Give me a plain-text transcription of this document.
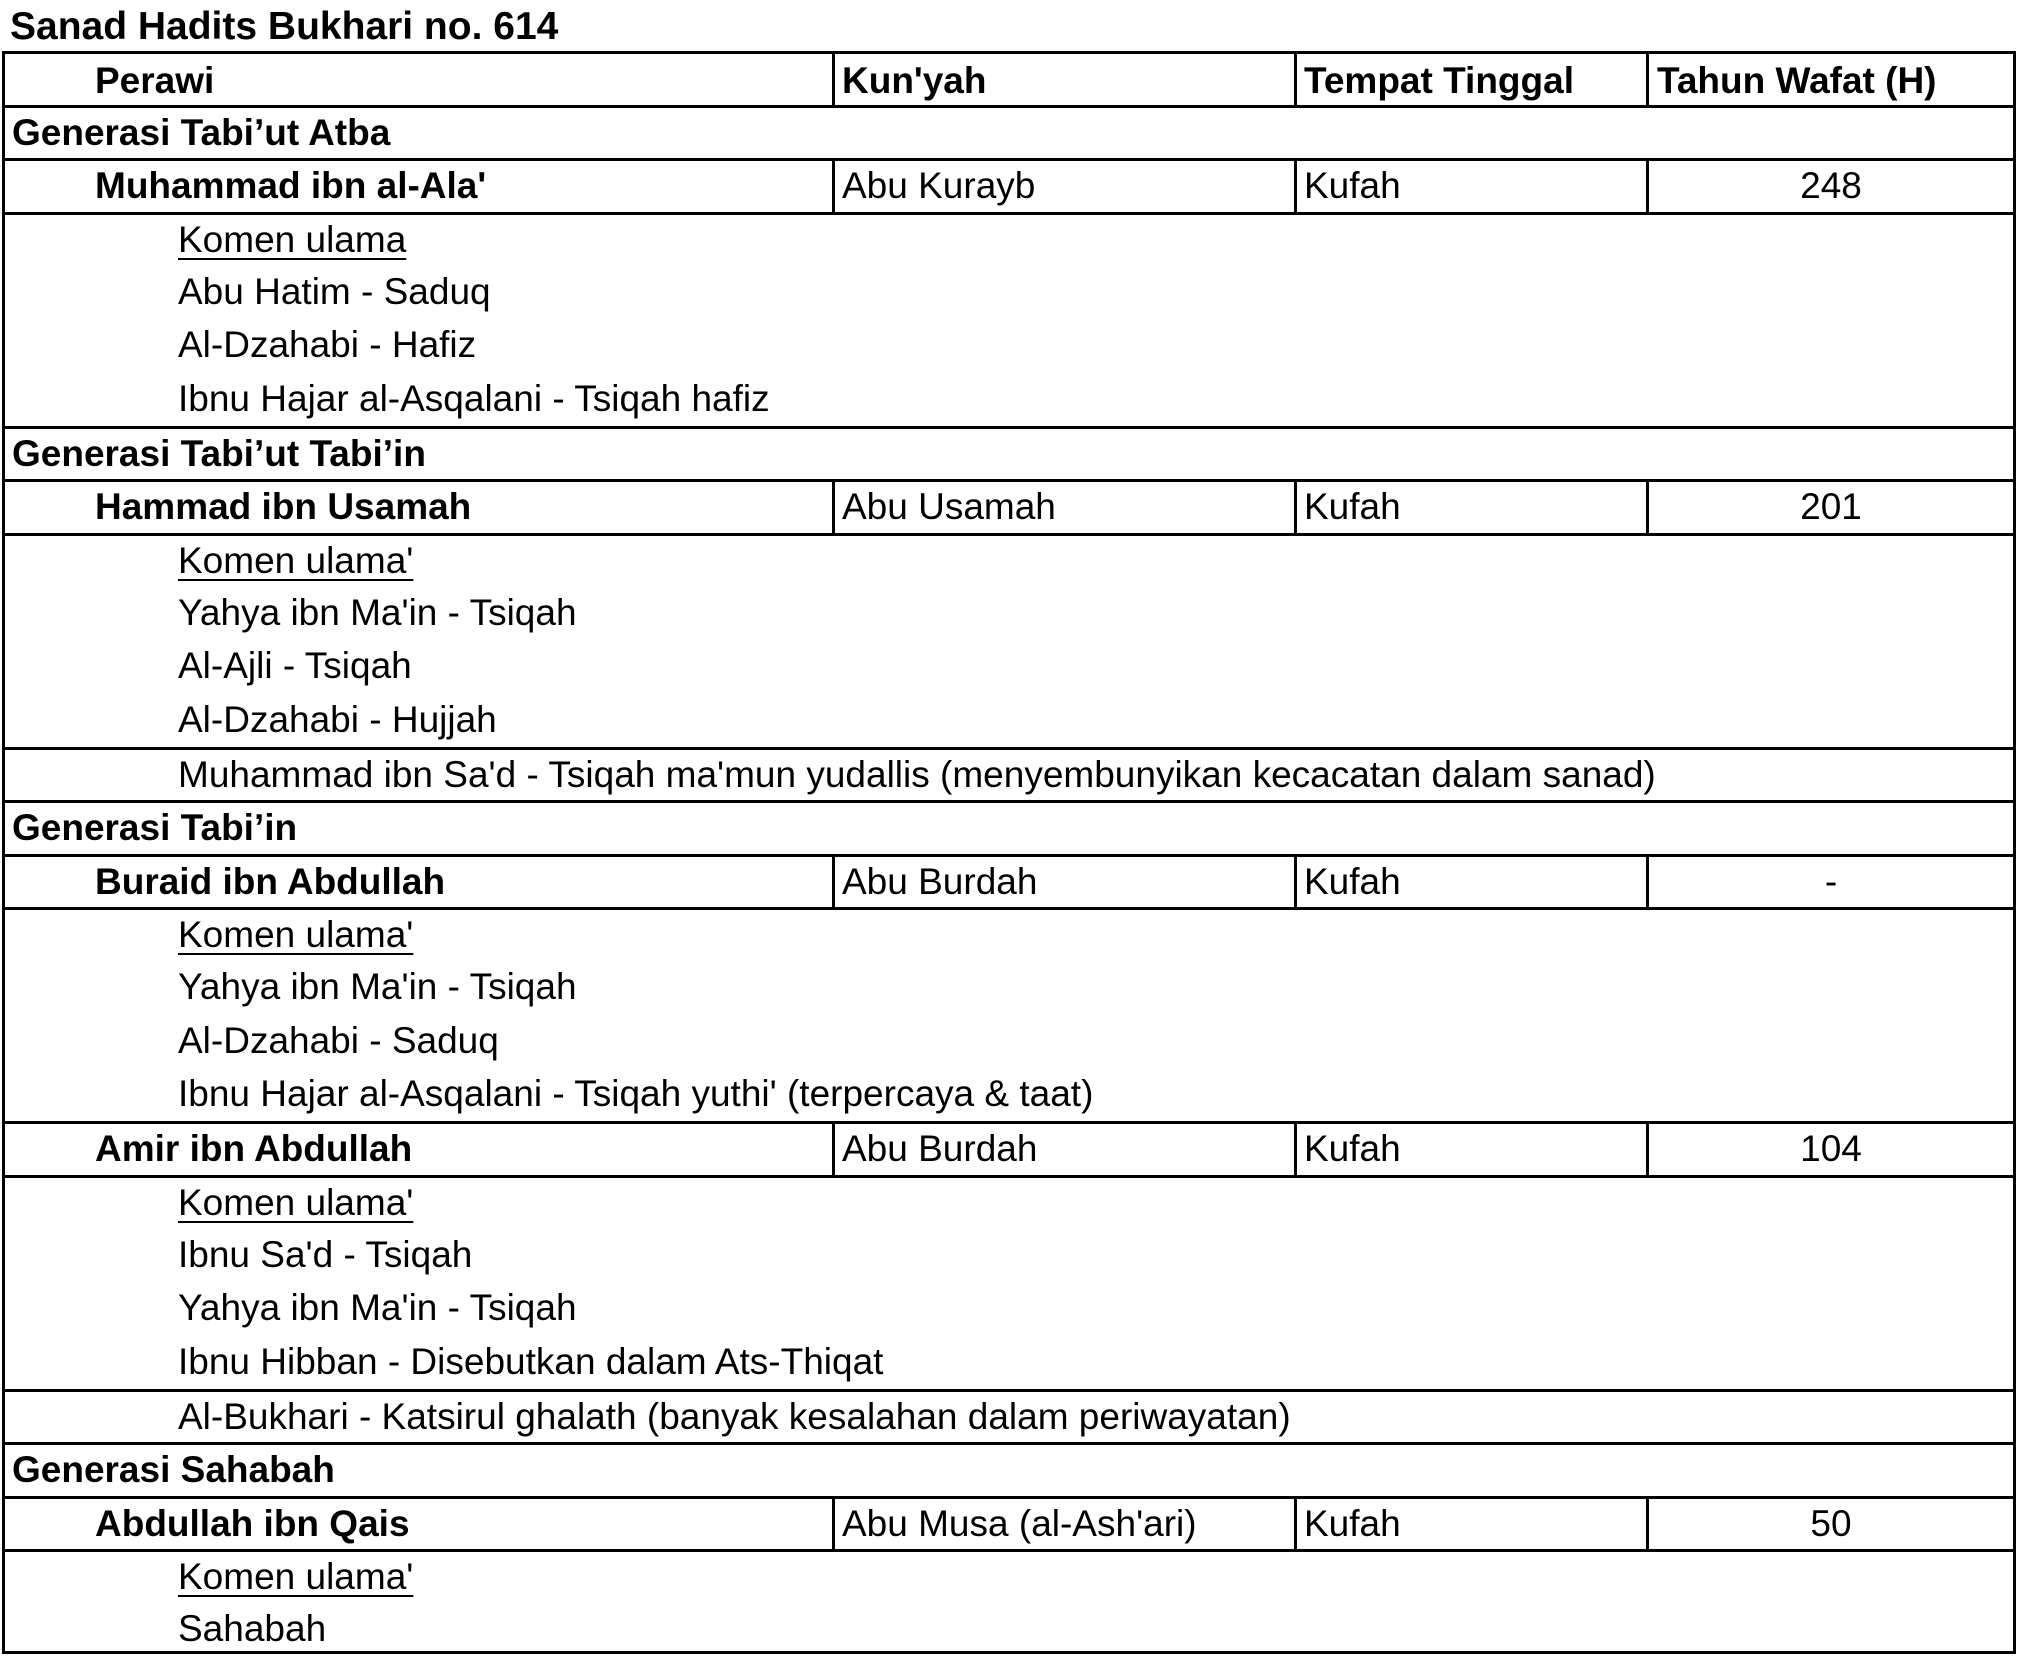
Sanad Hadits Bukhari no. 614
Perawi	Kun'yah	Tempat Tinggal	Tahun Wafat (H)
Generasi Tabi’ut Atba
Muhammad ibn al-Ala'	Abu Kurayb	Kufah	248
Komen ulama
Abu Hatim - Saduq
Al-Dzahabi - Hafiz
Ibnu Hajar al-Asqalani - Tsiqah hafiz
Generasi Tabi’ut Tabi’in
Hammad ibn Usamah	Abu Usamah	Kufah	201
Komen ulama'
Yahya ibn Ma'in - Tsiqah
Al-Ajli - Tsiqah
Al-Dzahabi - Hujjah
Muhammad ibn Sa'd - Tsiqah ma'mun yudallis (menyembunyikan kecacatan dalam sanad)
Generasi Tabi’in
Buraid ibn Abdullah	Abu Burdah	Kufah	-
Komen ulama'
Yahya ibn Ma'in - Tsiqah
Al-Dzahabi - Saduq
Ibnu Hajar al-Asqalani - Tsiqah yuthi' (terpercaya & taat)
Amir ibn Abdullah	Abu Burdah	Kufah	104
Komen ulama'
Ibnu Sa'd - Tsiqah
Yahya ibn Ma'in - Tsiqah
Ibnu Hibban - Disebutkan dalam Ats-Thiqat
Al-Bukhari - Katsirul ghalath (banyak kesalahan dalam periwayatan)
Generasi Sahabah
Abdullah ibn Qais	Abu Musa (al-Ash'ari)	Kufah	50
Komen ulama'
Sahabah
